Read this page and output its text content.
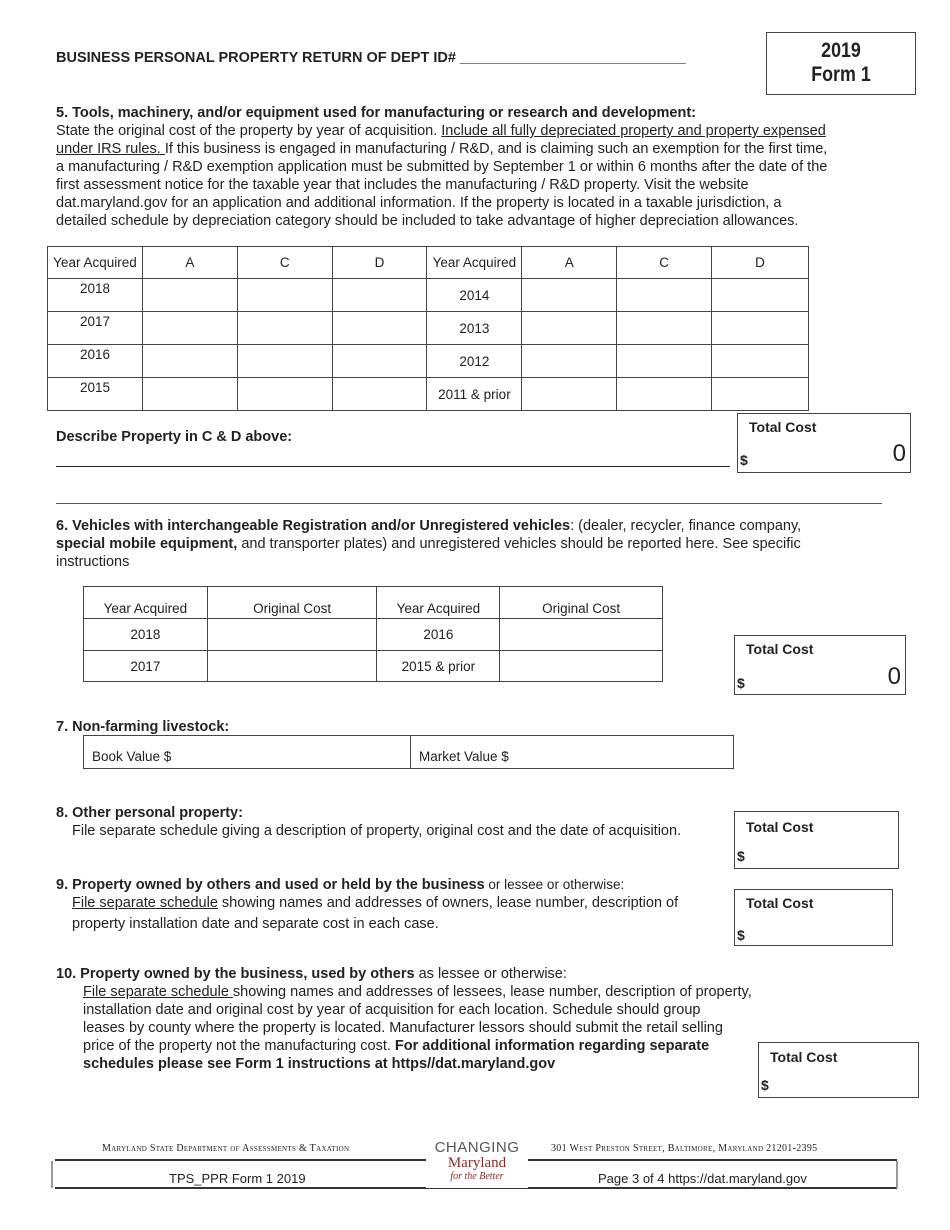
BUSINESS PERSONAL PROPERTY RETURN OF DEPT ID# ____________________________	2019
Form 1
5. Tools, machinery, and/or equipment used for manufacturing or research and development:
State the original cost of the property by year of acquisition. Include all fully depreciated property and property expensed
under IRS rules. If this business is engaged in manufacturing / R&D, and is claiming such an exemption for the first time,
a manufacturing / R&D exemption application must be submitted by September 1 or within 6 months after the date of the
first assessment notice for the taxable year that includes the manufacturing / R&D property. Visit the website
dat.maryland.gov for an application and additional information. If the property is located in a taxable jurisdiction, a
detailed schedule by depreciation category should be included to take advantage of higher depreciation allowances.
Year Acquired	A	C	D	Year Acquired	A	C	D
2018				2014			
2017				2013			
2016				2012			
2015				2011 & prior			
Describe Property in C & D above:
Total Cost
$	0
6. Vehicles with interchangeable Registration and/or Unregistered vehicles: (dealer, recycler, finance company,
special mobile equipment, and transporter plates) and unregistered vehicles should be reported here. See specific
instructions
Year Acquired	Original Cost	Year Acquired	Original Cost
2018		2016	
2017		2015 & prior	
Total Cost
$	0
7. Non-farming livestock:
Book Value $	Market Value $
8. Other personal property:
File separate schedule giving a description of property, original cost and the date of acquisition.	Total Cost
$
9. Property owned by others and used or held by the business or lessee or otherwise:
File separate schedule showing names and addresses of owners, lease number, description of
property installation date and separate cost in each case.
Total Cost
$
10. Property owned by the business, used by others as lessee or otherwise:
File separate schedule showing names and addresses of lessees, lease number, description of property,
installation date and original cost by year of acquisition for each location. Schedule should group
leases by county where the property is located. Manufacturer lessors should submit the retail selling
price of the property not the manufacturing cost. For additional information regarding separate
schedules please see Form 1 instructions at https//dat.maryland.gov	Total Cost
$
Maryland State Department of Assessments & Taxation	301 West Preston Street, Baltimore, Maryland 21201-2395
CHANGING
Maryland
for the Better
TPS_PPR Form 1 2019	Page 3 of 4 https://dat.maryland.gov
